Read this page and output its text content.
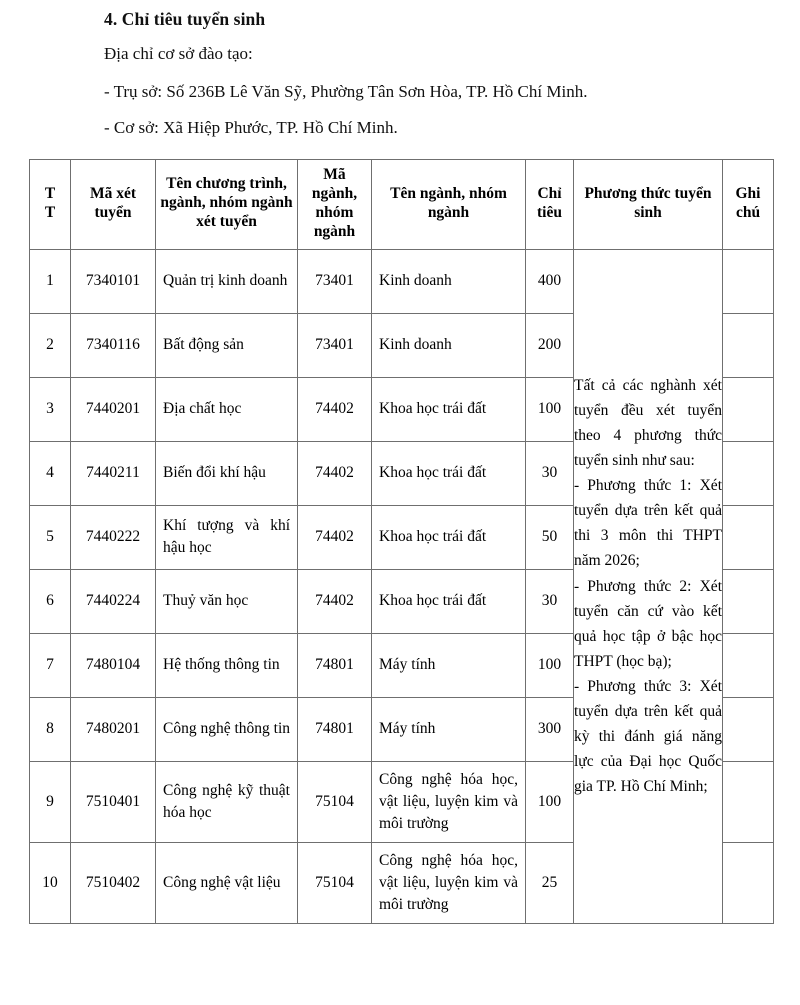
4. Chỉ tiêu tuyển sinh
Địa chỉ cơ sở đào tạo:
- Trụ sở: Số 236B Lê Văn Sỹ, Phường Tân Sơn Hòa, TP. Hồ Chí Minh.
- Cơ sở: Xã Hiệp Phước, TP. Hồ Chí Minh.
T
T	Mã xét tuyển	Tên chương trình, ngành, nhóm ngành xét tuyển	Mã ngành, nhóm ngành	Tên ngành, nhóm ngành	Chỉ tiêu	Phương thức tuyển sinh	Ghi chú

1	7340101	Quản trị kinh doanh	73401	Kinh doanh	400	Tất cả các nghành xét tuyển đều xét tuyển theo 4 phương thức tuyển sinh như sau:

- Phương thức 1: Xét tuyển dựa trên kết quả thi 3 môn thi THPT năm 2026;

- Phương thức 2: Xét tuyển căn cứ vào kết quả học tập ở bậc học THPT (học bạ);

- Phương thức 3: Xét tuyển dựa trên kết quả kỳ thi đánh giá năng lực của Đại học Quốc gia TP. Hồ Chí Minh;	

2	7340116	Bất động sản	73401	Kinh doanh	200		

3	7440201	Địa chất học	74402	Khoa học trái đất	100		

4	7440211	Biến đổi khí hậu	74402	Khoa học trái đất	30		

5	7440222	Khí tượng và khí hậu học	74402	Khoa học trái đất	50		

6	7440224	Thuỷ văn học	74402	Khoa học trái đất	30		

7	7480104	Hệ thống thông tin	74801	Máy tính	100		

8	7480201	Công nghệ thông tin	74801	Máy tính	300		

9	7510401	Công nghệ kỹ thuật hóa học	75104	Công nghệ hóa học, vật liệu, luyện kim và môi trường	100		

10	7510402	Công nghệ vật liệu	75104	Công nghệ hóa học, vật liệu, luyện kim và môi trường	25		
